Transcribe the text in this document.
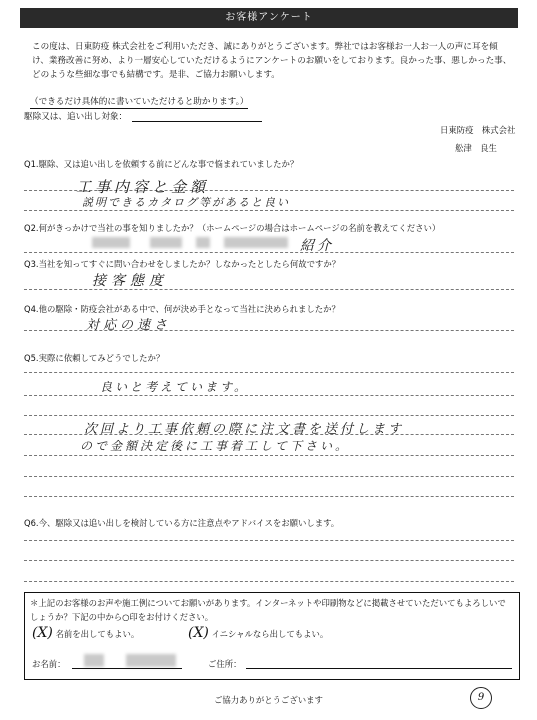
お客様アンケート
この度は、日東防疫 株式会社をご利用いただき、誠にありがとうございます。弊社ではお客様お一人お一人の声に耳を傾け、業務改善に努め、より一層安心していただけるようにアンケートのお願いをしております。良かった事、悪しかった事、どのような些細な事でも結構です。是非、ご協力お願いします。
（できるだけ具体的に書いていただけると助かります。）
駆除又は、追い出し対象：
日東防疫　株式会社
舩津　良生
Q1.駆除、又は追い出しを依頼する前にどんな事で悩まれていましたか？
工事内容と金額
説明できるカタログ等があると良い
Q2.何がきっかけで当社の事を知りましたか？（ホームページの場合はホームページの名前を教えてください）
紹介
Q3.当社を知ってすぐに問い合わせをしましたか？しなかったとしたら何故ですか？
接客態度
Q4.他の駆除・防疫会社がある中で、何が決め手となって当社に決められましたか？
対応の速さ
Q5.実際に依頼してみどうでしたか？
良いと考えています。
次回より工事依頼の際に注文書を送付します
ので金額決定後に工事着工して下さい。
Q6.今、駆除又は追い出しを検討している方に注意点やアドバイスをお願いします。
＊上記のお客様のお声や施工例についてお願いがあります。インターネットや印刷物などに掲載させていただいてもよろしいでしょうか？下記の中から○印をお付けください。
(X) 名前を出してもよい。	(X) イニシャルなら出してもよい。
お名前：	ご住所：
ご協力ありがとうございます	9
